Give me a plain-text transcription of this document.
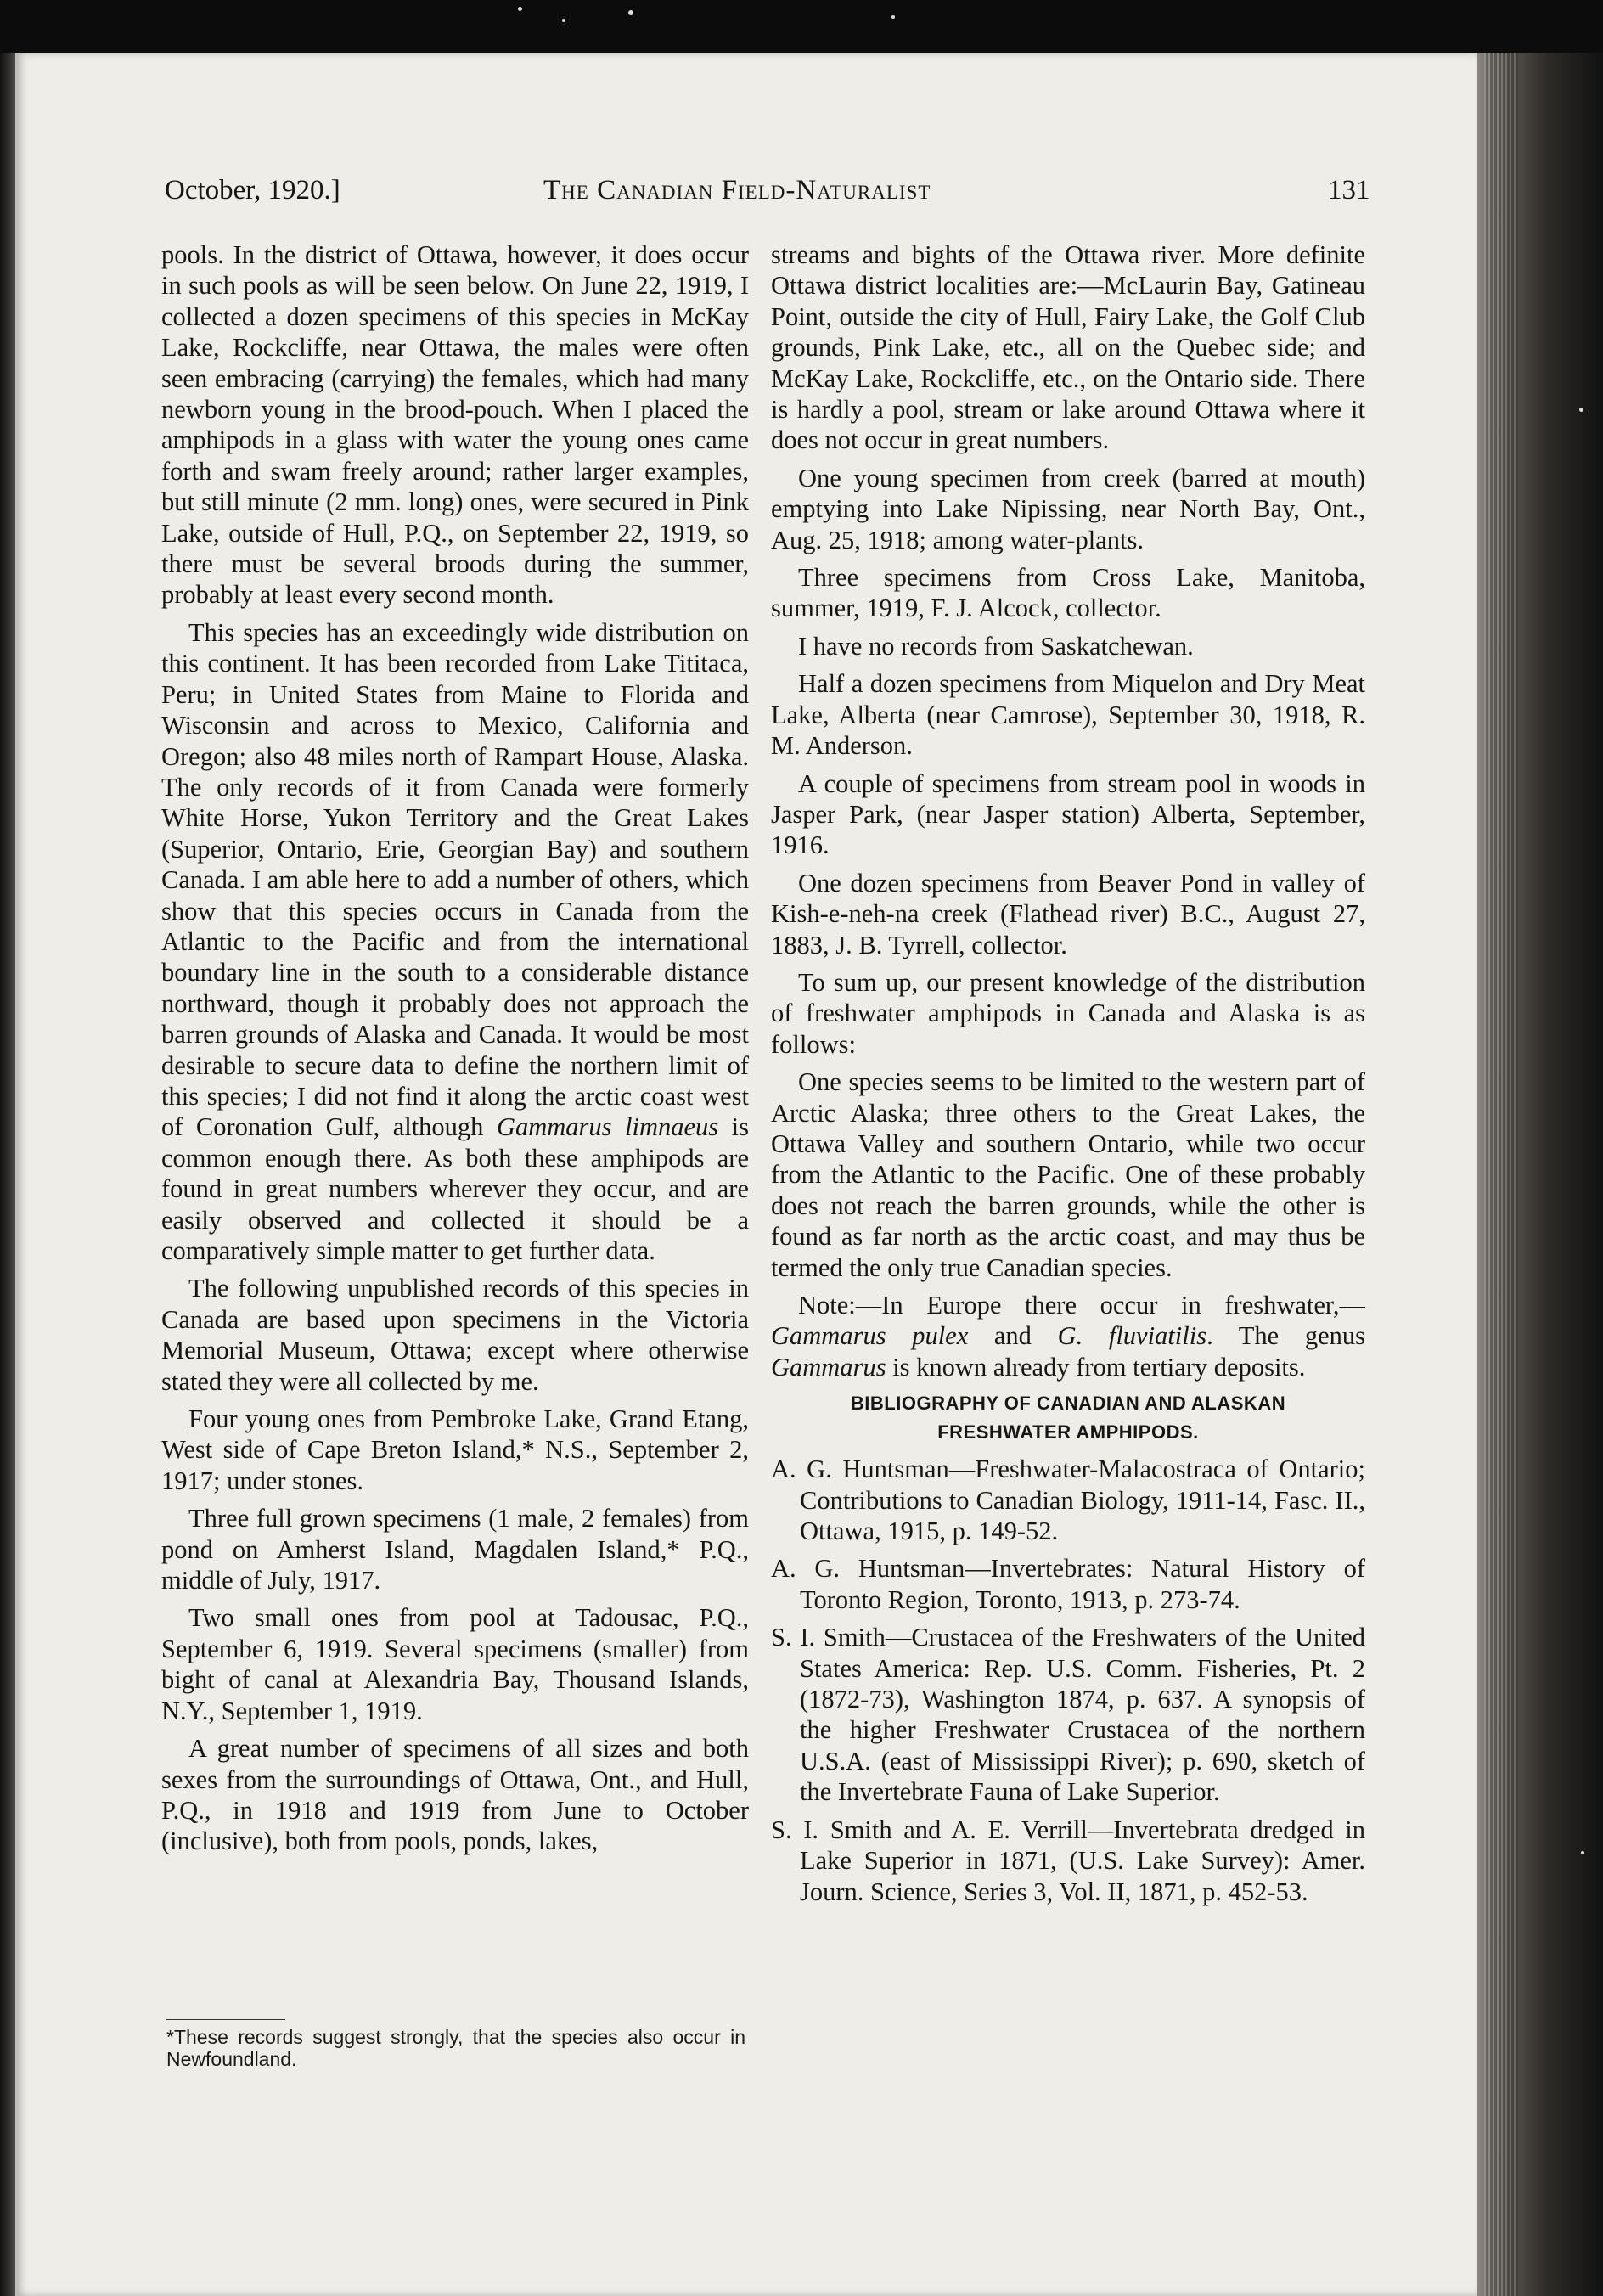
October, 1920.]	The Canadian Field-Naturalist	131

pools. In the district of Ottawa, however, it does occur in such pools as will be seen below. On June 22, 1919, I collected a dozen specimens of this species in McKay Lake, Rockcliffe, near Ottawa, the males were often seen embracing (carrying) the females, which had many newborn young in the brood-pouch. When I placed the amphipods in a glass with water the young ones came forth and swam freely around; rather larger examples, but still minute (2 mm. long) ones, were secured in Pink Lake, outside of Hull, P.Q., on September 22, 1919, so there must be several broods during the summer, probably at least every second month.

This species has an exceedingly wide distribution on this continent. It has been recorded from Lake Tititaca, Peru; in United States from Maine to Florida and Wisconsin and across to Mexico, California and Oregon; also 48 miles north of Rampart House, Alaska. The only records of it from Canada were formerly White Horse, Yukon Territory and the Great Lakes (Superior, Ontario, Erie, Georgian Bay) and southern Canada. I am able here to add a number of others, which show that this species occurs in Canada from the Atlantic to the Pacific and from the international boundary line in the south to a considerable distance northward, though it probably does not approach the barren grounds of Alaska and Canada. It would be most desirable to secure data to define the northern limit of this species; I did not find it along the arctic coast west of Coronation Gulf, although Gammarus limnaeus is common enough there. As both these amphipods are found in great numbers wherever they occur, and are easily observed and collected it should be a comparatively simple matter to get further data.

The following unpublished records of this species in Canada are based upon specimens in the Victoria Memorial Museum, Ottawa; except where otherwise stated they were all collected by me.

Four young ones from Pembroke Lake, Grand Etang, West side of Cape Breton Island,* N.S., September 2, 1917; under stones.

Three full grown specimens (1 male, 2 females) from pond on Amherst Island, Magdalen Island,* P.Q., middle of July, 1917.

Two small ones from pool at Tadousac, P.Q., September 6, 1919. Several specimens (smaller) from bight of canal at Alexandria Bay, Thousand Islands, N.Y., September 1, 1919.

A great number of specimens of all sizes and both sexes from the surroundings of Ottawa, Ont., and Hull, P.Q., in 1918 and 1919 from June to October (inclusive), both from pools, ponds, lakes,

*These records suggest strongly, that the species also occur in Newfoundland.

streams and bights of the Ottawa river. More definite Ottawa district localities are:—McLaurin Bay, Gatineau Point, outside the city of Hull, Fairy Lake, the Golf Club grounds, Pink Lake, etc., all on the Quebec side; and McKay Lake, Rockcliffe, etc., on the Ontario side. There is hardly a pool, stream or lake around Ottawa where it does not occur in great numbers.

One young specimen from creek (barred at mouth) emptying into Lake Nipissing, near North Bay, Ont., Aug. 25, 1918; among water-plants.

Three specimens from Cross Lake, Manitoba, summer, 1919, F. J. Alcock, collector.

I have no records from Saskatchewan.

Half a dozen specimens from Miquelon and Dry Meat Lake, Alberta (near Camrose), September 30, 1918, R. M. Anderson.

A couple of specimens from stream pool in woods in Jasper Park, (near Jasper station) Alberta, September, 1916.

One dozen specimens from Beaver Pond in valley of Kish-e-neh-na creek (Flathead river) B.C., August 27, 1883, J. B. Tyrrell, collector.

To sum up, our present knowledge of the distribution of freshwater amphipods in Canada and Alaska is as follows:

One species seems to be limited to the western part of Arctic Alaska; three others to the Great Lakes, the Ottawa Valley and southern Ontario, while two occur from the Atlantic to the Pacific. One of these probably does not reach the barren grounds, while the other is found as far north as the arctic coast, and may thus be termed the only true Canadian species.

Note:—In Europe there occur in freshwater,—Gammarus pulex and G. fluviatilis. The genus Gammarus is known already from tertiary deposits.

BIBLIOGRAPHY OF CANADIAN AND ALASKAN
FRESHWATER AMPHIPODS.

A. G. Huntsman—Freshwater-Malacostraca of Ontario; Contributions to Canadian Biology, 1911-14, Fasc. II., Ottawa, 1915, p. 149-52.

A. G. Huntsman—Invertebrates: Natural History of Toronto Region, Toronto, 1913, p. 273-74.

S. I. Smith—Crustacea of the Freshwaters of the United States America: Rep. U.S. Comm. Fisheries, Pt. 2 (1872-73), Washington 1874, p. 637. A synopsis of the higher Freshwater Crustacea of the northern U.S.A. (east of Mississippi River); p. 690, sketch of the Invertebrate Fauna of Lake Superior.

S. I. Smith and A. E. Verrill—Invertebrata dredged in Lake Superior in 1871, (U.S. Lake Survey): Amer. Journ. Science, Series 3, Vol. II, 1871, p. 452-53.
